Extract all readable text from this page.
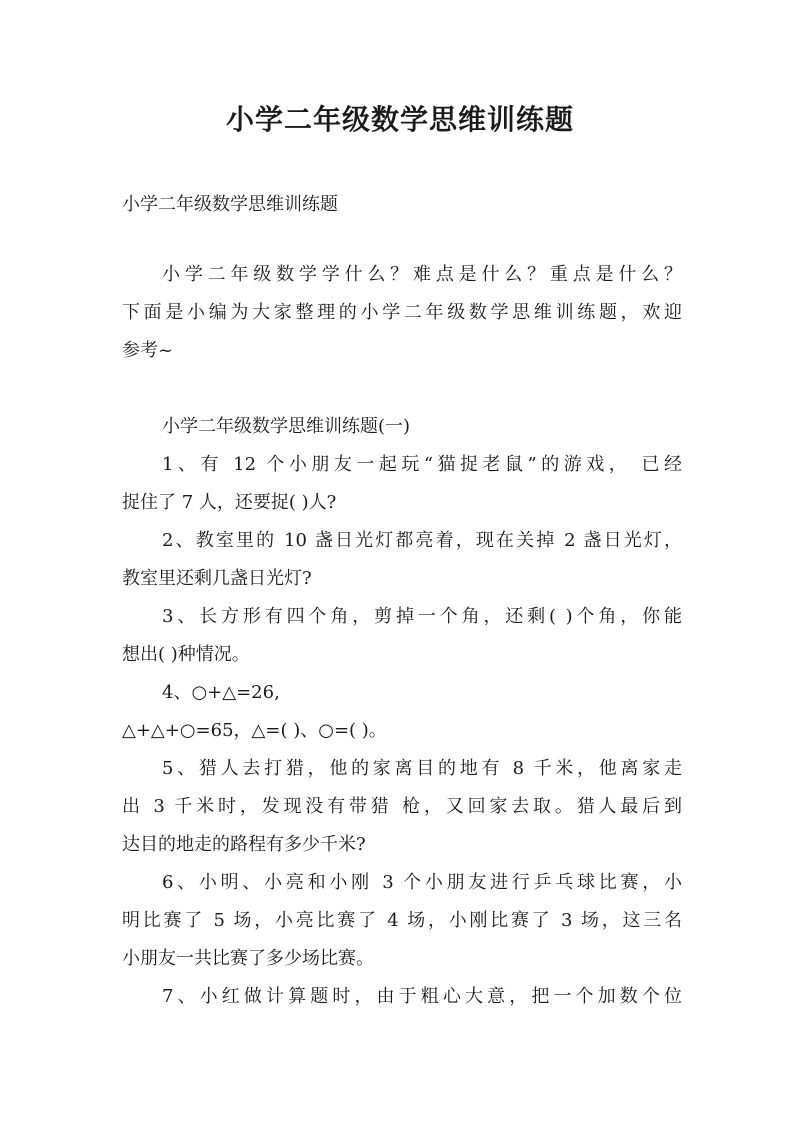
小学二年级数学思维训练题

小学二年级数学思维训练题

小学二年级数学学什么？难点是什么？重点是什么？
下面是小编为大家整理的小学二年级数学思维训练题，欢迎
参考~
小学二年级数学思维训练题(一)
1、有 12 个小朋友一起玩“猫捉老鼠”的游戏， 已经
捉住了 7 人，还要捉( )人?
2、教室里的 10 盏日光灯都亮着，现在关掉 2 盏日光灯，
教室里还剩几盏日光灯?
3、长方形有四个角，剪掉一个角，还剩( )个角，你能
想出( )种情况。
4、○+△=26,
△+△+○=65，△=( )、○=( )。
5、猎人去打猎，他的家离目的地有 8 千米，他离家走
出 3 千米时，发现没有带猎 枪，又回家去取。猎人最后到
达目的地走的路程有多少千米?
6、小明、小亮和小刚 3 个小朋友进行乒乓球比赛，小
明比赛了 5 场，小亮比赛了 4 场，小刚比赛了 3 场，这三名
小朋友一共比赛了多少场比赛。
7、小红做计算题时，由于粗心大意，把一个加数个位
